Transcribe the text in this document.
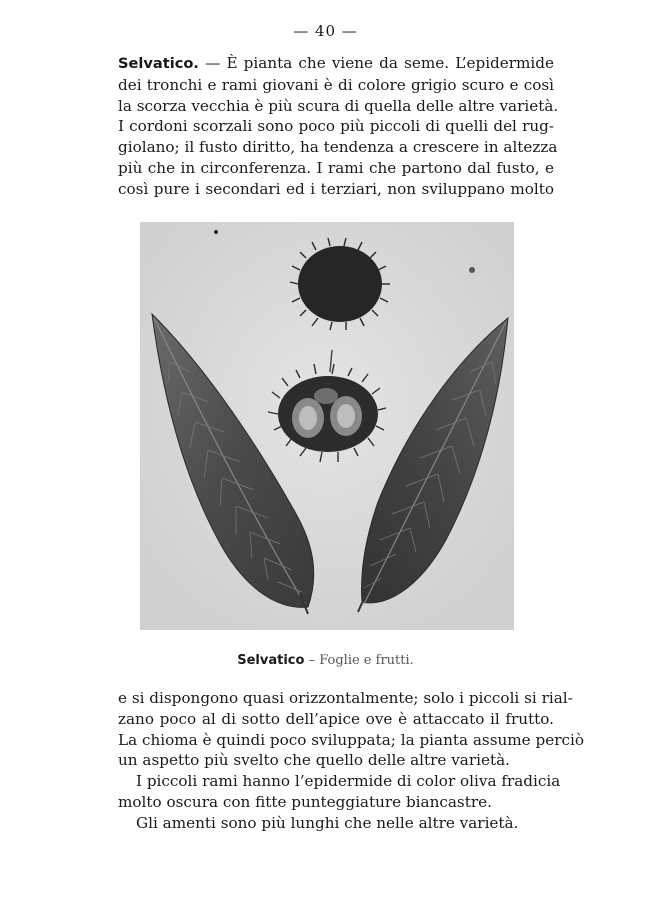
— 40 —
Selvatico. — È pianta che viene da seme. L’epidermide
dei tronchi e rami giovani è di colore grigio scuro e così
la scorza vecchia è più scura di quella delle altre varietà.
I cordoni scorzali sono poco più piccoli di quelli del rug-
giolano; il fusto diritto, ha tendenza a crescere in altezza
più che in circonferenza. I rami che partono dal fusto, e
così pure i secondari ed i terziari, non sviluppano molto
Selvatico – Foglie e frutti.
e si dispongono quasi orizzontalmente; solo i piccoli si rial-
zano poco al di sotto dell’apice ove è attaccato il frutto.
La chioma è quindi poco sviluppata; la pianta assume perciò
un aspetto più svelto che quello delle altre varietà.
I piccoli rami hanno l’epidermide di color oliva fradicia
molto oscura con fitte punteggiature biancastre.
Gli amenti sono più lunghi che nelle altre varietà.
